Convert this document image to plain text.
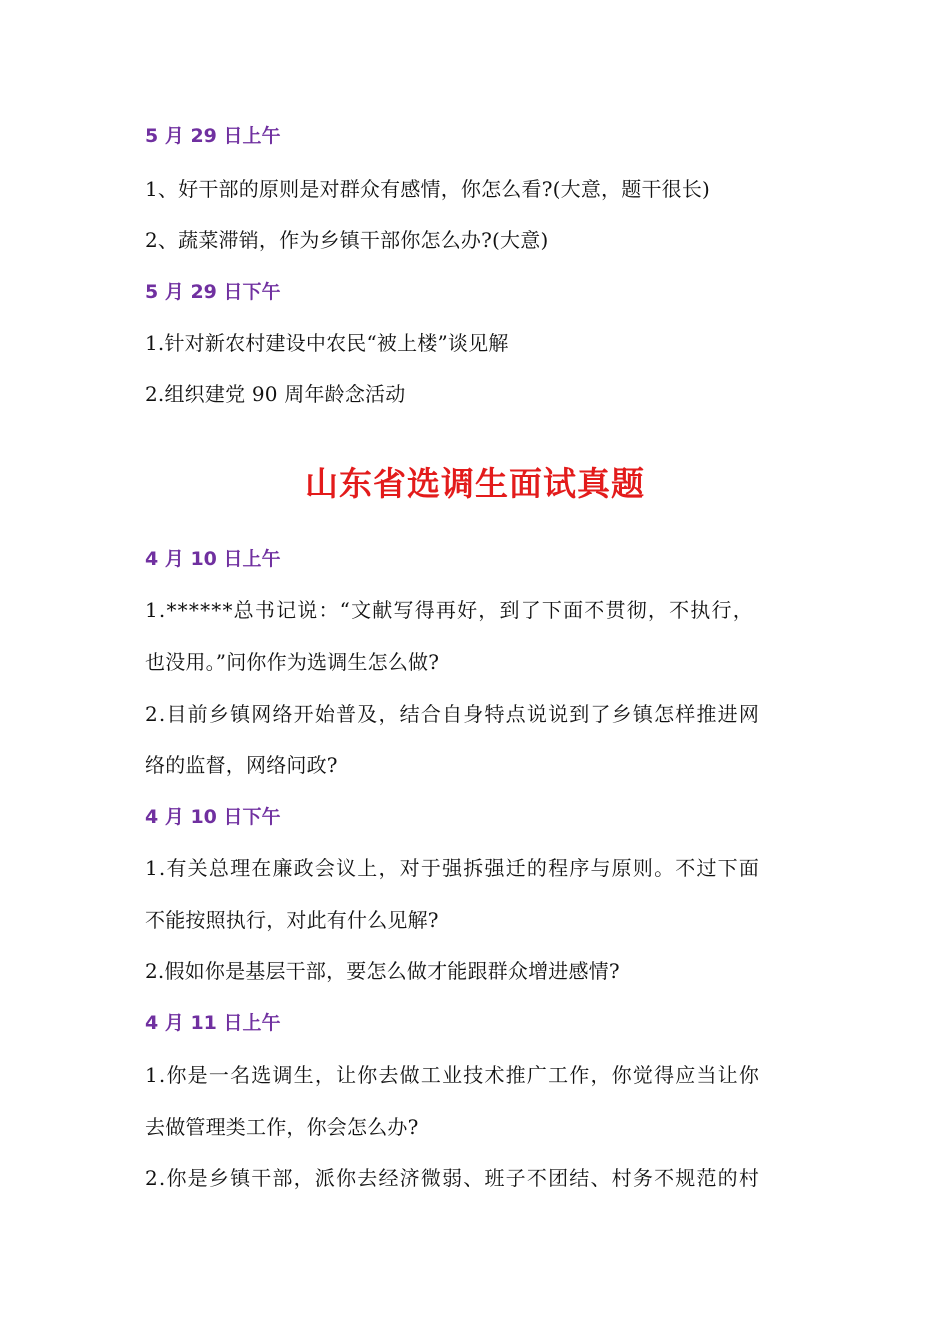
5 月 29 日上午
1、好干部的原则是对群众有感情，你怎么看?(大意，题干很长)
2、蔬菜滞销，作为乡镇干部你怎么办?(大意)
5 月 29 日下午
1.针对新农村建设中农民“被上楼”谈见解
2.组织建党 90 周年龄念活动
山东省选调生面试真题
4 月 10 日上午
1.******总书记说：“文献写得再好，到了下面不贯彻，不执行，
也没用。”问你作为选调生怎么做?
2.目前乡镇网络开始普及，结合自身特点说说到了乡镇怎样推进网
络的监督，网络问政?
4 月 10 日下午
1.有关总理在廉政会议上，对于强拆强迁的程序与原则。不过下面
不能按照执行，对此有什么见解?
2.假如你是基层干部，要怎么做才能跟群众增进感情?
4 月 11 日上午
1.你是一名选调生，让你去做工业技术推广工作，你觉得应当让你
去做管理类工作，你会怎么办?
2.你是乡镇干部，派你去经济微弱、班子不团结、村务不规范的村
